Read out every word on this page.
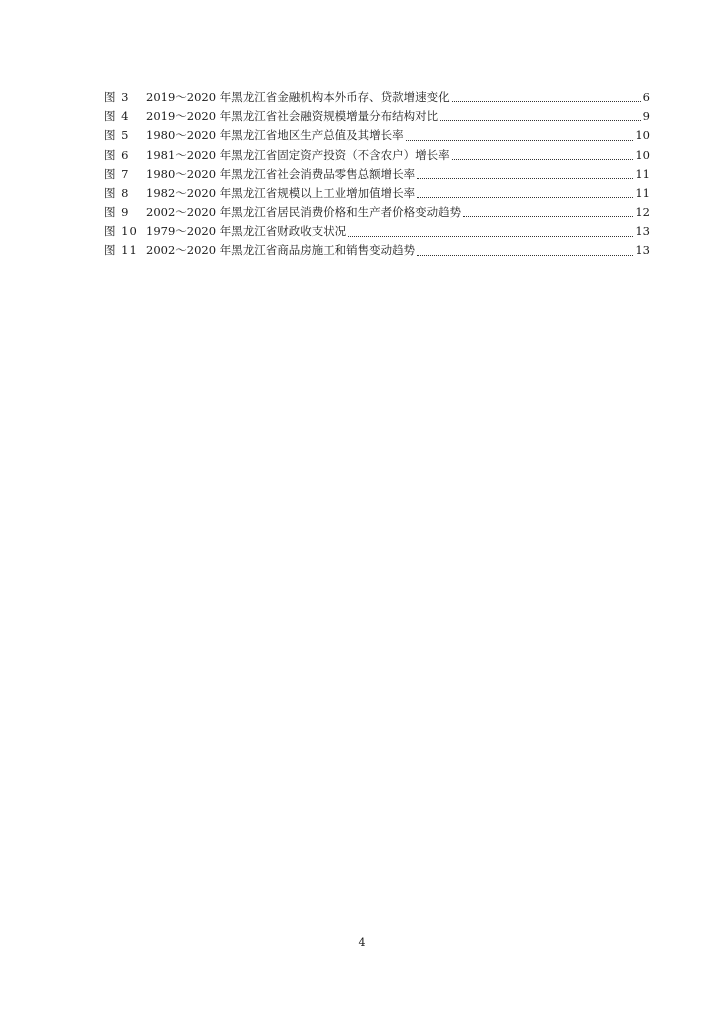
图 3	2019～2020 年黑龙江省金融机构本外币存、贷款增速变化	6
图 4	2019～2020 年黑龙江省社会融资规模增量分布结构对比	9
图 5	1980～2020 年黑龙江省地区生产总值及其增长率	10
图 6	1981～2020 年黑龙江省固定资产投资（不含农户）增长率	10
图 7	1980～2020 年黑龙江省社会消费品零售总额增长率	11
图 8	1982～2020 年黑龙江省规模以上工业增加值增长率	11
图 9	2002～2020 年黑龙江省居民消费价格和生产者价格变动趋势	12
图 10 1979～2020 年黑龙江省财政收支状况	13
图 11 2002～2020 年黑龙江省商品房施工和销售变动趋势	13
4
